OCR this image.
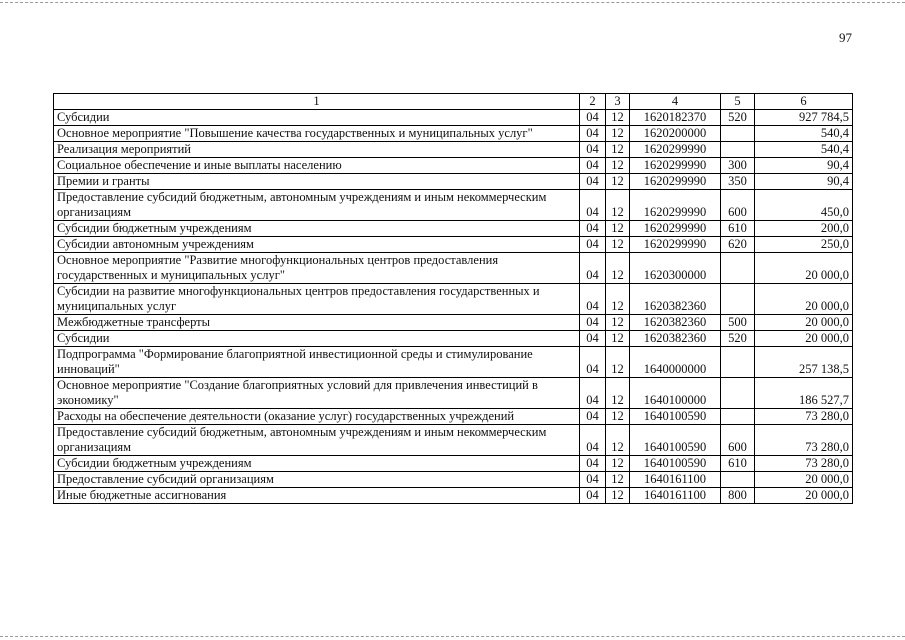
97
1	2	3	4	5	6
Субсидии	04	12	1620182370	520	927 784,5
Основное мероприятие "Повышение качества государственных и муниципальных услуг"	04	12	1620200000		540,4
Реализация мероприятий	04	12	1620299990		540,4
Социальное обеспечение и иные выплаты населению	04	12	1620299990	300	90,4
Премии и гранты	04	12	1620299990	350	90,4
Предоставление субсидий бюджетным, автономным учреждениям и иным некоммерческим организациям	04	12	1620299990	600	450,0
Субсидии бюджетным учреждениям	04	12	1620299990	610	200,0
Субсидии автономным учреждениям	04	12	1620299990	620	250,0
Основное мероприятие "Развитие многофункциональных центров предоставления государственных и муниципальных услуг"	04	12	1620300000		20 000,0
Субсидии на развитие многофункциональных центров предоставления государственных и муниципальных услуг	04	12	1620382360		20 000,0
Межбюджетные трансферты	04	12	1620382360	500	20 000,0
Субсидии	04	12	1620382360	520	20 000,0
Подпрограмма "Формирование благоприятной инвестиционной среды и стимулирование инноваций"	04	12	1640000000		257 138,5
Основное мероприятие "Создание благоприятных условий для привлечения инвестиций в экономику"	04	12	1640100000		186 527,7
Расходы на обеспечение деятельности (оказание услуг) государственных учреждений	04	12	1640100590		73 280,0
Предоставление субсидий бюджетным, автономным учреждениям и иным некоммерческим организациям	04	12	1640100590	600	73 280,0
Субсидии бюджетным учреждениям	04	12	1640100590	610	73 280,0
Предоставление субсидий организациям	04	12	1640161100		20 000,0
Иные бюджетные ассигнования	04	12	1640161100	800	20 000,0
